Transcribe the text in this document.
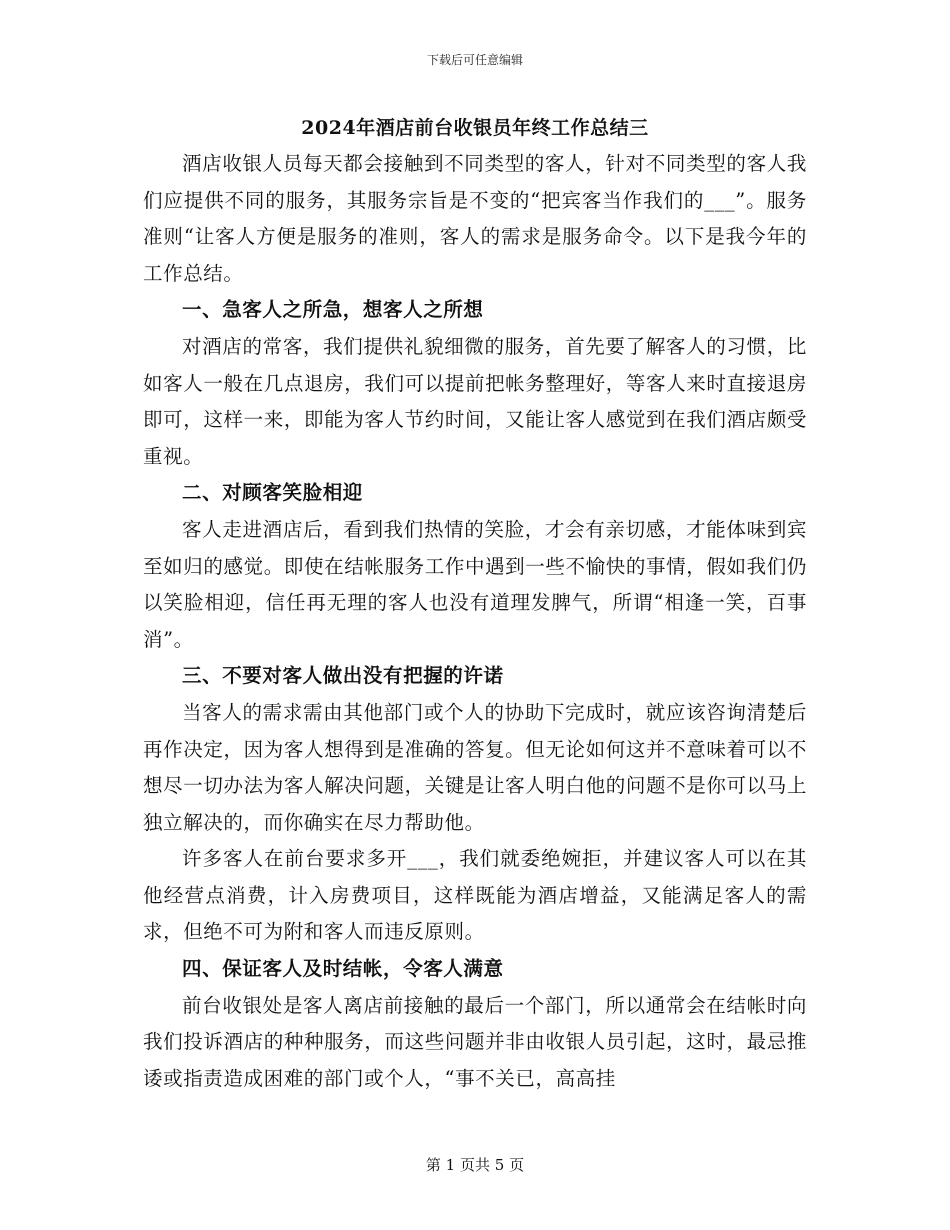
下载后可任意编辑
2024年酒店前台收银员年终工作总结三

酒店收银人员每天都会接触到不同类型的客人，针对不同类型的客人我们应提供不同的服务，其服务宗旨是不变的“把宾客当作我们的___”。服务准则“让客人方便是服务的准则，客人的需求是服务命令。以下是我今年的工作总结。

一、急客人之所急，想客人之所想

对酒店的常客，我们提供礼貌细微的服务，首先要了解客人的习惯，比如客人一般在几点退房，我们可以提前把帐务整理好，等客人来时直接退房即可，这样一来，即能为客人节约时间，又能让客人感觉到在我们酒店颇受重视。

二、对顾客笑脸相迎

客人走进酒店后，看到我们热情的笑脸，才会有亲切感，才能体味到宾至如归的感觉。即使在结帐服务工作中遇到一些不愉快的事情，假如我们仍以笑脸相迎，信任再无理的客人也没有道理发脾气，所谓“相逢一笑，百事消”。

三、不要对客人做出没有把握的许诺

当客人的需求需由其他部门或个人的协助下完成时，就应该咨询清楚后再作决定，因为客人想得到是准确的答复。但无论如何这并不意味着可以不想尽一切办法为客人解决问题，关键是让客人明白他的问题不是你可以马上独立解决的，而你确实在尽力帮助他。

许多客人在前台要求多开___，我们就委绝婉拒，并建议客人可以在其他经营点消费，计入房费项目，这样既能为酒店增益，又能满足客人的需求，但绝不可为附和客人而违反原则。

四、保证客人及时结帐，令客人满意

前台收银处是客人离店前接触的最后一个部门，所以通常会在结帐时向我们投诉酒店的种种服务，而这些问题并非由收银人员引起，这时，最忌推诿或指责造成困难的部门或个人，“事不关已，高高挂

第 1 页共 5 页
